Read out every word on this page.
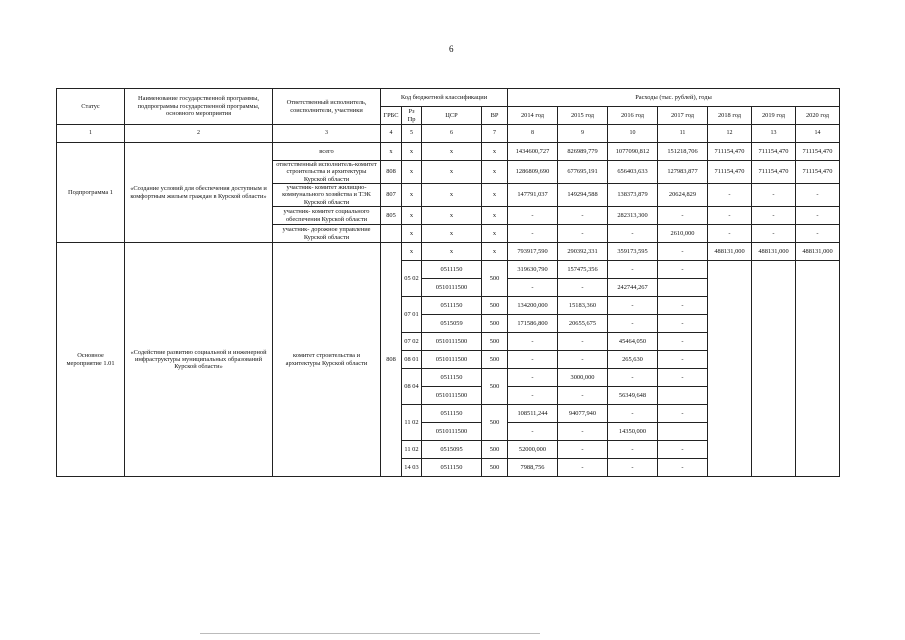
6
Статус	Наименование государственной программы, подпрограммы государственной программы, основного мероприятия	Ответственный исполнитель, соисполнители, участники	Код бюджетной классификации				Расходы (тыс. рублей), годы						
			ГРБС	Рз Пр	ЦСР	ВР	2014 год	2015 год	2016 год	2017 год	2018 год	2019 год	2020 год
1	2	3	4	5	6	7	8	9	10	11	12	13	14
Подпрограмма 1	«Создание условий для обеспечения доступным и комфортным жильем граждан в Курской области»	всего	х	х	х	х	1434600,727	826989,779	1077090,812	151218,706	711154,470	711154,470	711154,470
		ответственный исполнитель-комитет строительства и архитектуры Курской области	808	х	х	х	1286809,690	677695,191	656403,633	127983,877	711154,470	711154,470	711154,470
		участник- комитет жилищно-коммунального хозяйства и ТЭК Курской области	807	х	х	х	147791,037	149294,588	138373,879	20624,829	-	-	-
		участник- комитет социального обеспечения Курской области	805	х	х	х	-	-	282313,300	-	-	-	-
		участник- дорожное управление Курской области		х	х	х	-	-	-	2610,000	-	-	-
Основное мероприятие 1.01	«Содействие развитию социальной и инженерной инфраструктуры муниципальных образований Курской области»	комитет строительства и архитектуры Курской области	808	х	х	х	793917,590	290392,331	359173,595	-	488131,000	488131,000	488131,000
				05 02	0511150	500	319630,790	157475,356	-	-			
					0510111500		-	-	242744,267				
				07 01	0511150	500	134200,000	15183,360	-	-			
					0515059	500	171586,800	20655,675	-	-			
				07 02	0510111500	500	-	-	45464,050	-			
				08 01	0510111500	500	-	-	265,630	-			
				08 04	0511150	500	-	3000,000	-	-			
					0510111500		-	-	56349,648				
				11 02	0511150	500	108511,244	94077,940	-	-			
					0510111500		-	-	14350,000				
				11 02	0515095	500	52000,000	-	-	-			
				14 03	0511150	500	7988,756	-	-	-			
